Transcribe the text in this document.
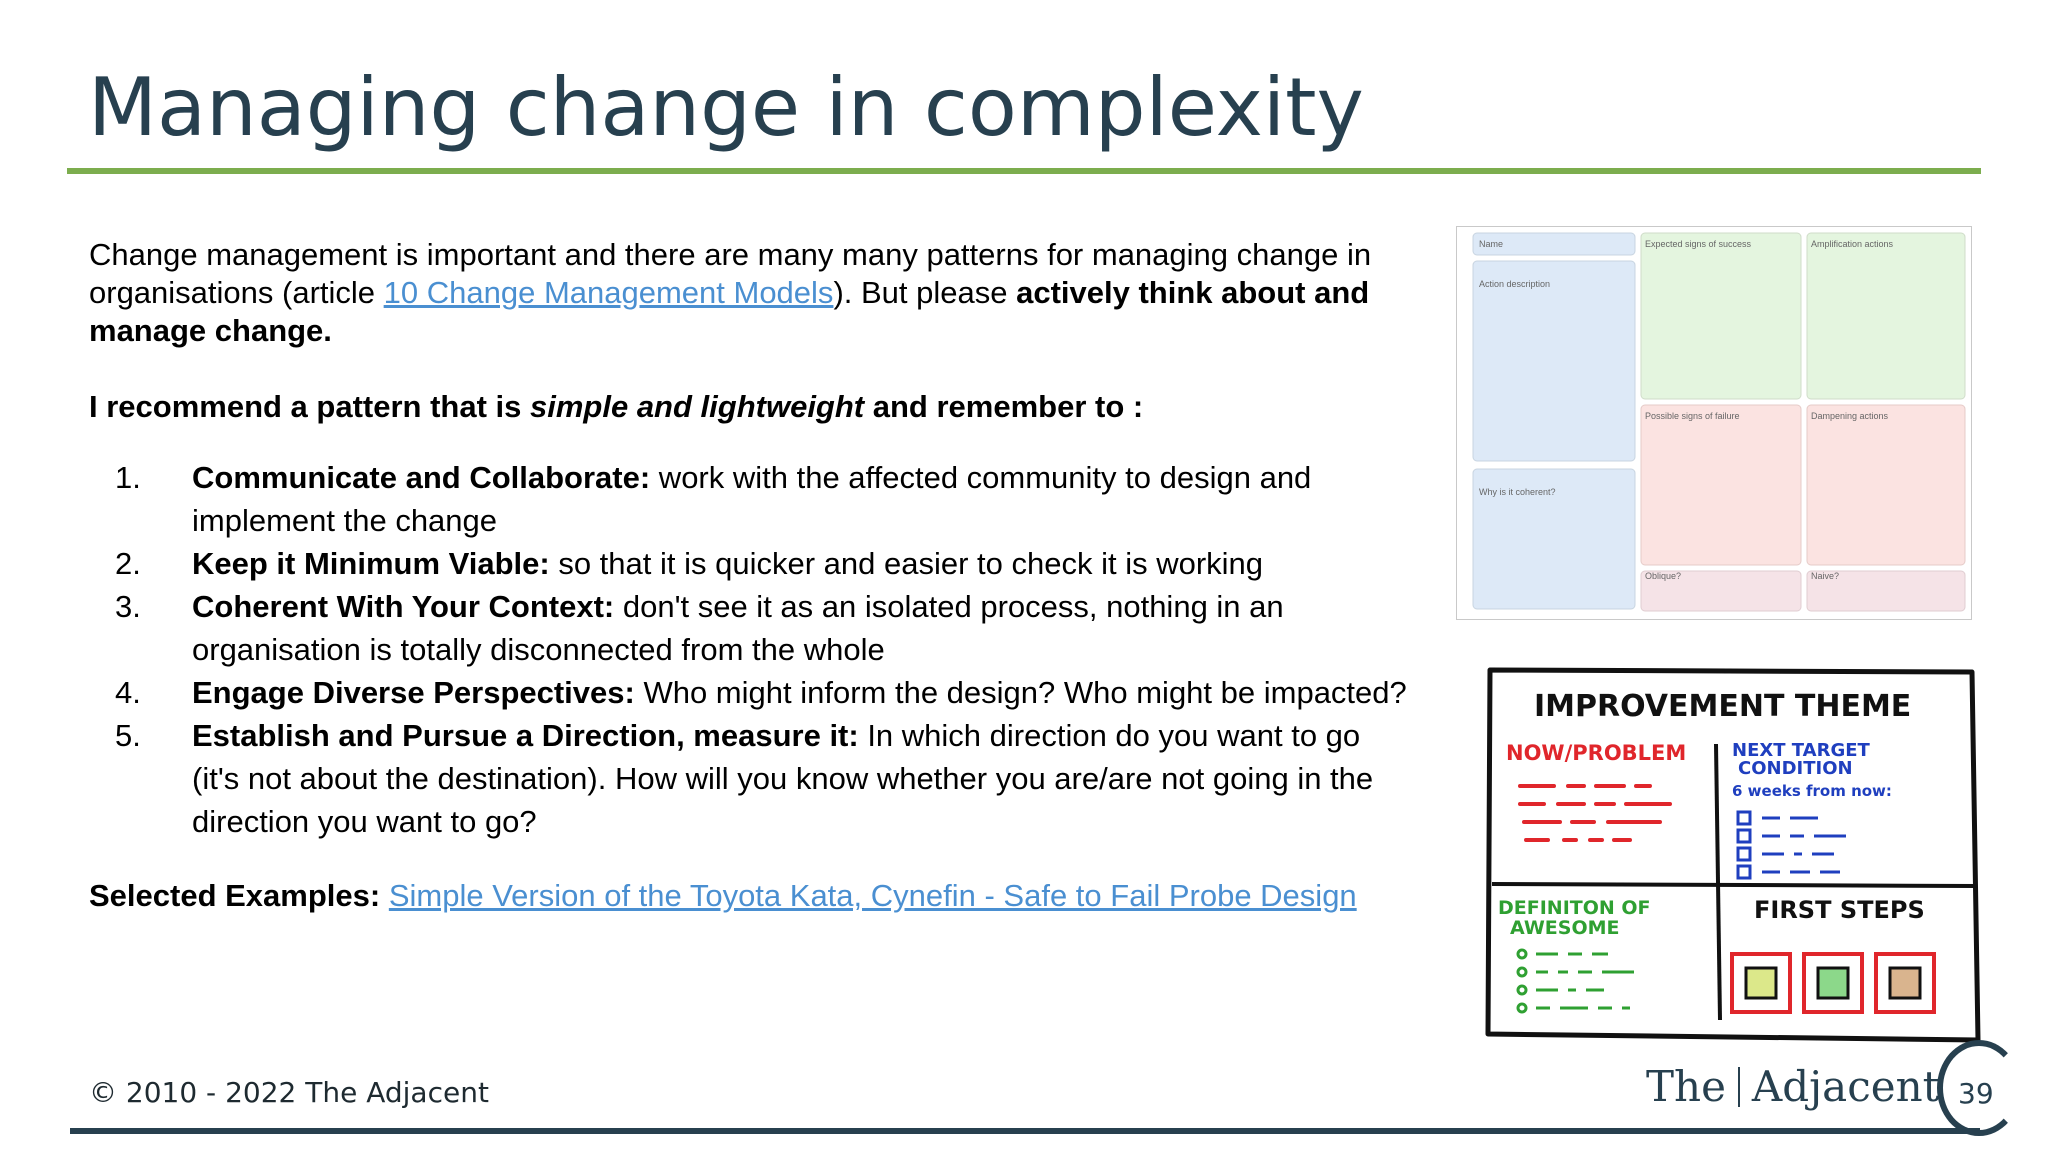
Managing change in complexity

Change management is important and there are many many patterns for managing change in organisations (article 10 Change Management Models). But please actively think about and manage change.

I recommend a pattern that is simple and lightweight and remember to :

1. Communicate and Collaborate: work with the affected community to design and implement the change
2. Keep it Minimum Viable: so that it is quicker and easier to check it is working
3. Coherent With Your Context: don't see it as an isolated process, nothing in an organisation is totally disconnected from the whole
4. Engage Diverse Perspectives: Who might inform the design? Who might be impacted?
5. Establish and Pursue a Direction, measure it: In which direction do you want to go (it's not about the destination). How will you know whether you are/are not going in the direction you want to go?

Selected Examples: Simple Version of the Toyota Kata, Cynefin - Safe to Fail Probe Design

Name
Action description
Why is it coherent?
Expected signs of success	Amplification actions
Possible signs of failure	Dampening actions
Oblique?	Naive?
IMPROVEMENT THEME
NOW/PROBLEM	NEXT TARGET
CONDITION
6 weeks from now:
DEFINITON OF
AWESOME
FIRST STEPS
© 2010 - 2022 The Adjacent	The Adjacent 39
